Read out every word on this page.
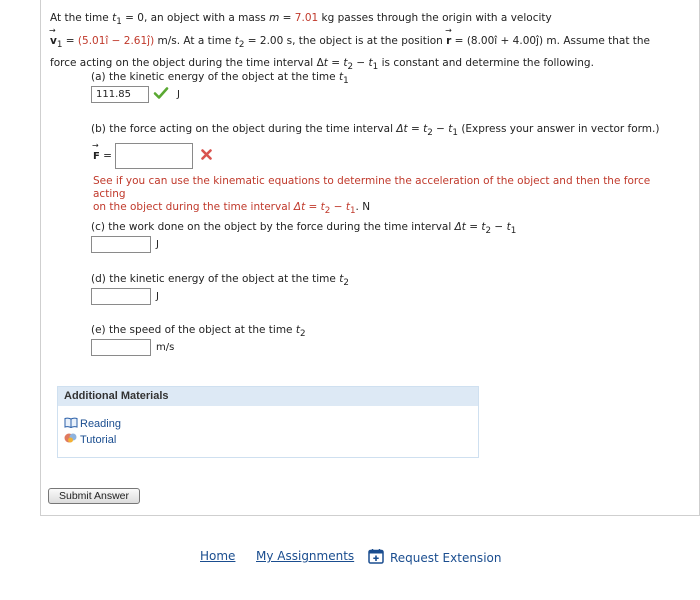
At the time $t_1 = 0$, an object with a mass m = 7.01 kg passes through the origin with a velocity
→ $v_1$ = (5.01î − 2.61ĵ) m/s. At a time $t_2 = 2.00$ s, the object is at the position → r = (8.00î + 4.00ĵ) m. Assume that the
force acting on the object during the time interval $\Delta t = t_2 - t_1$ is constant and determine the following.
(a) the kinetic energy of the object at the time $t_1$
111.85	J
(b) the force acting on the object during the time interval $\Delta t = t_2 - t_1$ (Express your answer in vector form.)
→ F =
See if you can use the kinematic equations to determine the acceleration of the object and then the force acting
on the object during the time interval $\Delta t = t_2 - t_1$. N
(c) the work done on the object by the force during the time interval $\Delta t = t_2 - t_1$
J
(d) the kinetic energy of the object at the time $t_2$
J
(e) the speed of the object at the time $t_2$
m/s
Additional Materials
Reading
Tutorial
Submit Answer
Home My Assignments	Request Extension
